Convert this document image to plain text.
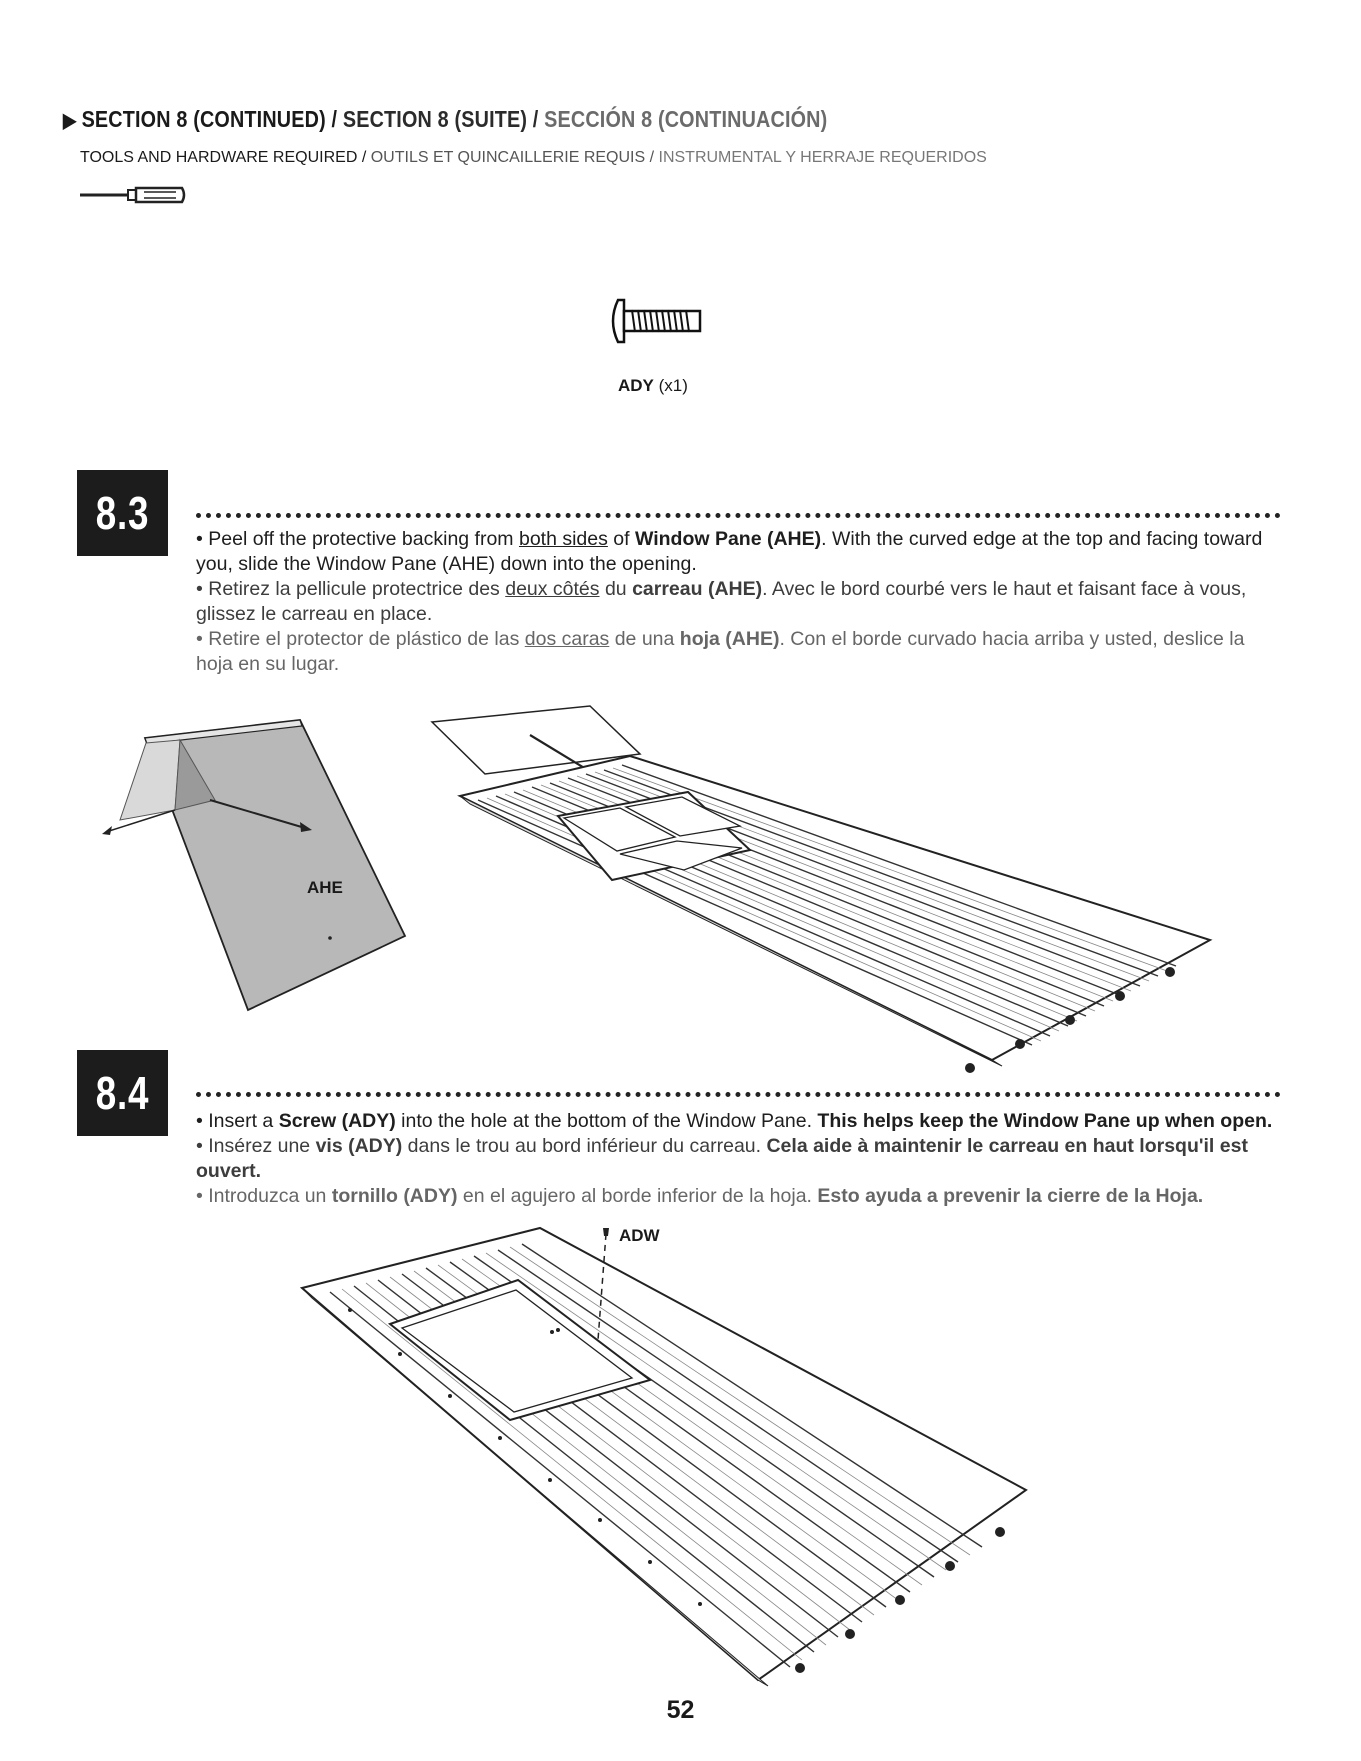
▶ SECTION 8 (CONTINUED) / SECTION 8 (SUITE) / SECCIÓN 8 (CONTINUACIÓN)
TOOLS AND HARDWARE REQUIRED / OUTILS ET QUINCAILLERIE REQUIS / INSTRUMENTAL Y HERRAJE REQUERIDOS
ADY (x1)
8.3 • Peel off the protective backing from both sides of Window Pane (AHE). With the curved edge at the top and facing toward you, slide the Window Pane (AHE) down into the opening.

• Retirez la pellicule protectrice des deux côtés du carreau (AHE). Avec le bord courbé vers le haut et faisant face à vous, glissez le carreau en place.

• Retire el protector de plástico de las dos caras de una hoja (AHE). Con el borde curvado hacia arriba y usted, deslice la hoja en su lugar.

AHE
8.4

• Insert a Screw (ADY) into the hole at the bottom of the Window Pane. This helps keep the Window Pane up when open.

• Insérez une vis (ADY) dans le trou au bord inférieur du carreau. Cela aide à maintenir le carreau en haut lorsqu'il est ouvert.

• Introduzca un tornillo (ADY) en el agujero al borde inferior de la hoja. Esto ayuda a prevenir la cierre de la Hoja.

ADW
52
